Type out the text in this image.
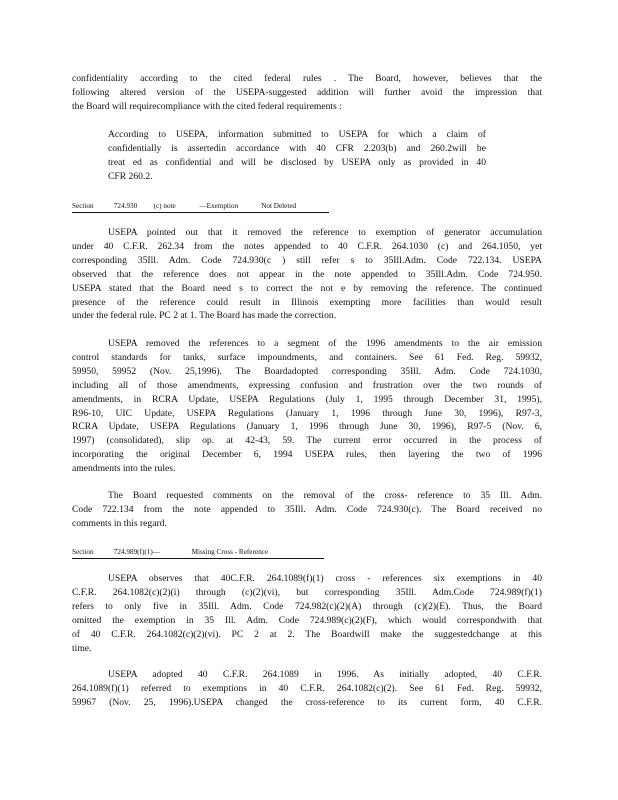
confidentiality according to the cited federal rules . The Board, however, believes that the
following altered version of the USEPA-suggested addition will further avoid the impression that
the Board will requirecompliance with the cited federal requirements :
According to USEPA, information submitted to USEPA for which a claim of
confidentially is assertedin accordance with 40 CFR 2.203(b) and 260.2will be
treat ed as confidential and will be disclosed by USEPA only as provided in 40
CFR 260.2.
Section	724.930 (c) note	—Exemption	Not Deleted
USEPA pointed out that it removed the reference to exemption of generator accumulation
under 40 C.F.R. 262.34 from the notes appended to 40 C.F.R. 264.1030 (c) and 264.1050, yet
corresponding 35Ill. Adm. Code 724.930(c ) still refer s to 35Ill.Adm. Code 722.134. USEPA
observed that the reference does not appear in the note appended to 35Ill.Adm. Code 724.950.
USEPA stated that the Board need s to correct the not e by removing the reference. The continued
presence of the reference could result in Illinois exempting more facilities than would result
under the federal rule. PC 2 at 1. The Board has made the correction.
USEPA removed the references to a segment of the 1996 amendments to the air emission
control standards for tanks, surface impoundments, and containers. See 61 Fed. Reg. 59932,
59950, 59952 (Nov. 25,1996). The Boardadopted corresponding 35Ill. Adm. Code 724.1030,
including all of those amendments, expressing confusion and frustration over the two rounds of
amendments, in RCRA Update, USEPA Regulations (July 1, 1995 through December 31, 1995),
R96-10, UIC Update, USEPA Regulations (January 1, 1996 through June 30, 1996), R97-3,
RCRA Update, USEPA Regulations (January 1, 1996 through June 30, 1996), R97-5 (Nov. 6,
1997) (consolidated), slip op. at 42-43, 59. The current error occurred in the process of
incorporating the original December 6, 1994 USEPA rules, then layering the two of 1996
amendments into the rules.
The Board requested comments on the removal of the cross- reference to 35 Ill. Adm.
Code 722.134 from the note appended to 35Ill. Adm. Code 724.930(c). The Board received no
comments in this regard.
Section	724.989(f)(1)—	Missing Cross - Reference
USEPA observes that 40C.F.R. 264.1089(f)(1) cross - references six exemptions in 40
C.F.R. 264.1082(c)(2)(i) through (c)(2)(vi), but corresponding 35Ill. Adm.Code 724.989(f)(1)
refers to only five in 35Ill. Adm. Code 724.982(c)(2)(A) through (c)(2)(E). Thus, the Board
omitted the exemption in 35 Ill. Adm. Code 724.989(c)(2)(F), which would correspondwith that
of 40 C.F.R. 264.1082(c)(2)(vi). PC 2 at 2. The Boardwill make the suggestedchange at this
time.
USEPA adopted 40 C.F.R. 264.1089 in 1996. As initially adopted, 40 C.F.R.
264.1089(f)(1) referred to exemptions in 40 C.F.R. 264.1082(c)(2). See 61 Fed. Reg. 59932,
59967 (Nov. 25, 1996).USEPA changed the cross-reference to its current form, 40 C.F.R.
